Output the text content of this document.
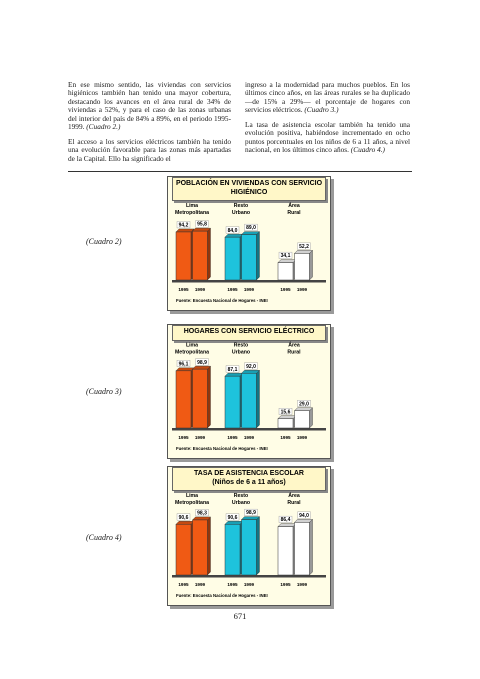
En ese mismo sentido, las viviendas con servicios higiénicos también han tenido una mayor cobertura, destacando los avances en el área rural de 34% de viviendas a 52%, y para el caso de las zonas urbanas del interior del país de 84% a 89%, en el periodo 1995-1999. (Cuadro 2.)

El acceso a los servicios eléctricos también ha tenido una evolución favorable para las zonas más apartadas de la Capital. Ello ha significado el

ingreso a la modernidad para muchos pueblos. En los últimos cinco años, en las áreas rurales se ha duplicado —de 15% a 29%— el porcentaje de hogares con servicios eléctricos. (Cuadro 3.)

La tasa de asistencia escolar también ha tenido una evolución positiva, habiéndose incrementado en ocho puntos porcentuales en los niños de 6 a 11 años, a nivel nacional, en los últimos cinco años. (Cuadro 4.)

(Cuadro 2)
(Cuadro 3)
(Cuadro 4)
POBLACIÓN EN VIVIENDAS CON SERVICIO
HIGIÉNICO
Lima
Metropolitana
94,2
1995
95,8
1999
Resto
Urbano
84,0
1995
89,0
1999
Área
Rural
34,1
1995
52,2
1999
Fuente: Encuesta Nacional de Hogares - INEI
HOGARES CON SERVICIO ELÉCTRICO
Lima
Metropolitana
96,1
1995
98,9
1999
Resto
Urbano
87,1
1995
92,0
1999
Área
Rural
15,6
1995
29,0
1999
Fuente: Encuesta Nacional de Hogares - INEI
TASA DE ASISTENCIA ESCOLAR
(Niños de 6 a 11 años)
Lima
Metropolitana
90,6
1995
98,3
1999
Resto
Urbano
90,6
1995
98,9
1999
Área
Rural
86,4
1995
94,0
1999
Fuente: Encuesta Nacional de Hogares - INEI
671
